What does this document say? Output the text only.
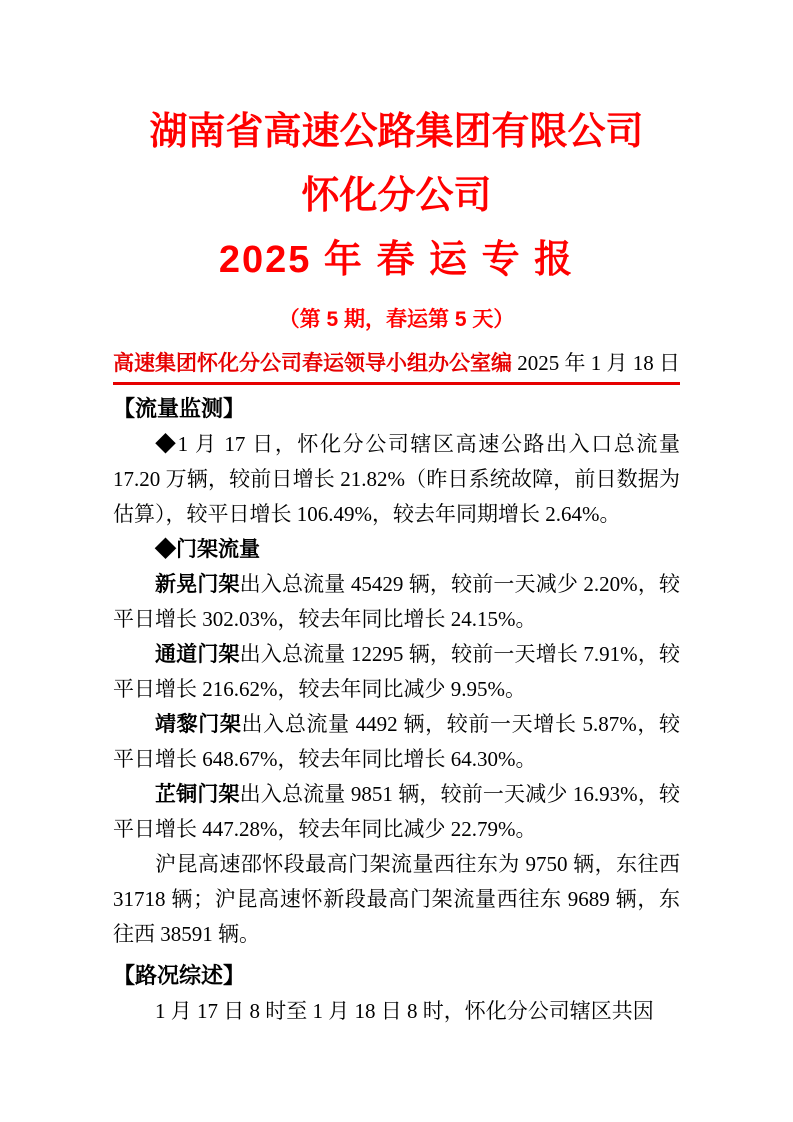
湖南省高速公路集团有限公司
怀化分公司
2025 年 春 运 专 报
（第 5 期，春运第 5 天）
高速集团怀化分公司春运领导小组办公室编 2025 年 1 月 18 日
【流量监测】

◆1 月 17 日，怀化分公司辖区高速公路出入口总流量 17.20 万辆，较前日增长 21.82%（昨日系统故障，前日数据为估算），较平日增长 106.49%，较去年同期增长 2.64%。

◆门架流量

新晃门架出入总流量 45429 辆，较前一天减少 2.20%，较平日增长 302.03%，较去年同比增长 24.15%。

通道门架出入总流量 12295 辆，较前一天增长 7.91%，较平日增长 216.62%，较去年同比减少 9.95%。

靖黎门架出入总流量 4492 辆，较前一天增长 5.87%，较平日增长 648.67%，较去年同比增长 64.30%。

芷铜门架出入总流量 9851 辆，较前一天减少 16.93%，较平日增长 447.28%，较去年同比减少 22.79%。

沪昆高速邵怀段最高门架流量西往东为 9750 辆，东往西 31718 辆；沪昆高速怀新段最高门架流量西往东 9689 辆，东往西 38591 辆。

【路况综述】

1 月 17 日 8 时至 1 月 18 日 8 时，怀化分公司辖区共因
